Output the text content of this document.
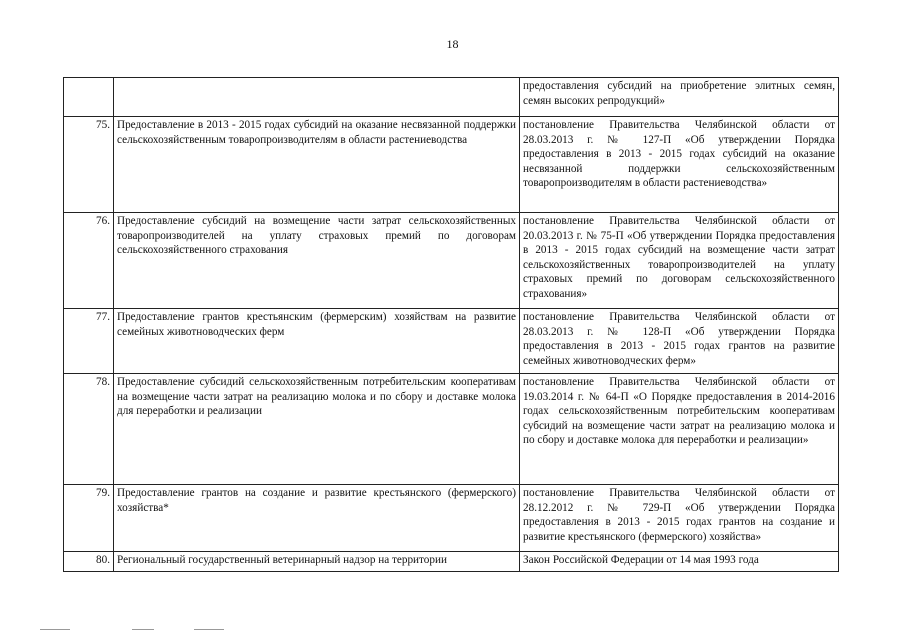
18
		предоставления субсидий на приобретение элитных семян, семян высоких репродукций»
75.	Предоставление в 2013 - 2015 годах субсидий на оказание несвязанной поддержки сельскохозяйственным товаропроизводителям в области растениеводства	постановление Правительства Челябинской области от 28.03.2013 г. № 127-П «Об утверждении Порядка предоставления в 2013 - 2015 годах субсидий на оказание несвязанной поддержки сельскохозяйственным товаропроизводителям в области растениеводства»
76.	Предоставление субсидий на возмещение части затрат сельскохозяйственных товаропроизводителей на уплату страховых премий по договорам сельскохозяйственного страхования	постановление Правительства Челябинской области от 20.03.2013 г. № 75-П «Об утверждении Порядка предоставления в 2013 - 2015 годах субсидий на возмещение части затрат сельскохозяйственных товаропроизводителей на уплату страховых премий по договорам сельскохозяйственного страхования»
77.	Предоставление грантов крестьянским (фермерским) хозяйствам на развитие семейных животноводческих ферм	постановление Правительства Челябинской области от 28.03.2013 г. № 128-П «Об утверждении Порядка предоставления в 2013 - 2015 годах грантов на развитие семейных животноводческих ферм»
78.	Предоставление субсидий сельскохозяйственным потребительским кооперативам на возмещение части затрат на реализацию молока и по сбору и доставке молока для переработки и реализации	постановление Правительства Челябинской области от 19.03.2014 г. № 64-П «О Порядке предоставления в 2014-2016 годах сельскохозяйственным потребительским кооперативам субсидий на возмещение части затрат на реализацию молока и по сбору и доставке молока для переработки и реализации»
79.	Предоставление грантов на создание и развитие крестьянского (фермерского) хозяйства*	постановление Правительства Челябинской области от 28.12.2012 г. № 729-П «Об утверждении Порядка предоставления в 2013 - 2015 годах грантов на создание и развитие крестьянского (фермерского) хозяйства»
80.	Региональный государственный ветеринарный надзор на территории	Закон Российской Федерации от 14 мая 1993 года
